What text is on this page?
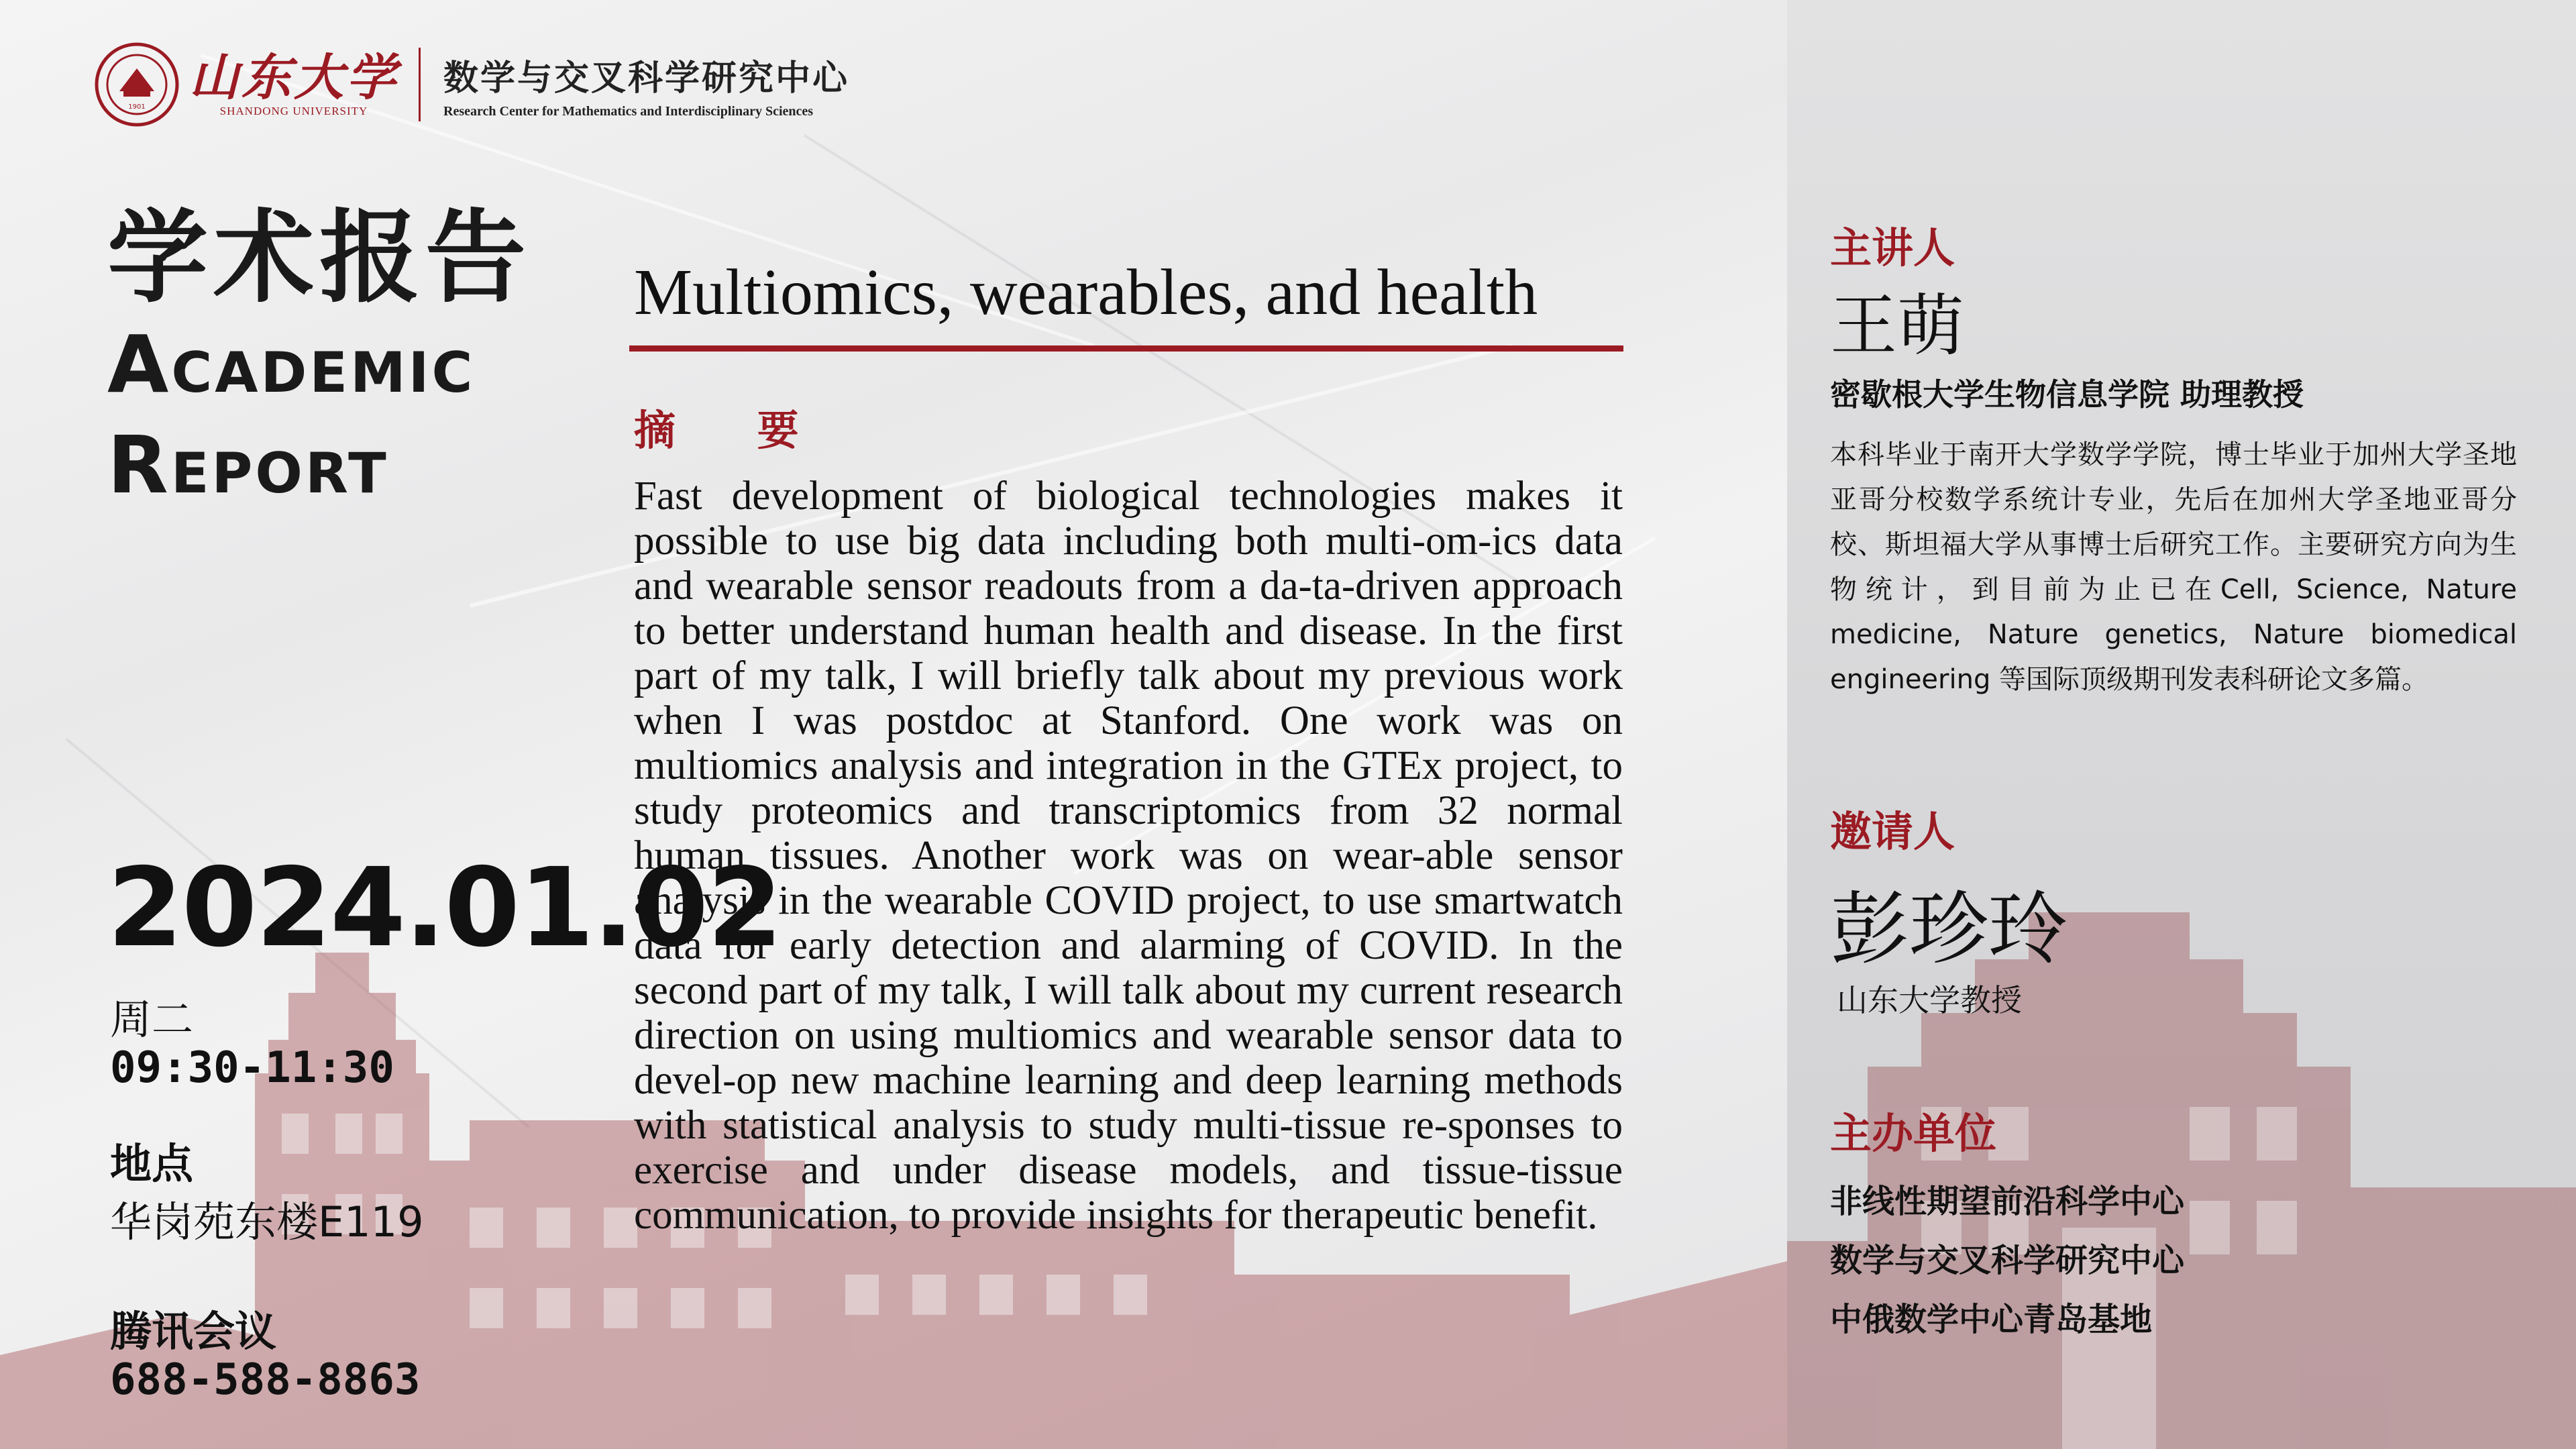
1901
山东大学
SHANDONG UNIVERSITY
数学与交叉科学研究中心
Research Center for Mathematics and Interdisciplinary Sciences
学术报告
Academic
Report
2024.01.02
周二
09:30-11:30
地点
华岗苑东楼E119
腾讯会议
688-588-8863
Multiomics, wearables, and health
摘 要
Fast development of biological technologies makes it possible to use big data including both multi-om-ics data and wearable sensor readouts from a da-ta-driven approach to better understand human health and disease. In the first part of my talk, I will briefly talk about my previous work when I was postdoc at Stanford. One work was on multiomics analysis and integration in the GTEx project, to study proteomics and transcriptomics from 32 normal human tissues. Another work was on wear-able sensor analysis in the wearable COVID project, to use smartwatch data for early detection and alarming of COVID. In the second part of my talk, I will talk about my current research direction on using multiomics and wearable sensor data to devel-op new machine learning and deep learning methods with statistical analysis to study multi-tissue re-sponses to exercise and under disease models, and tissue-tissue communication, to provide insights for therapeutic benefit.
主讲人
王萌
密歇根大学生物信息学院 助理教授
本科毕业于南开大学数学学院，博士毕业于加州大学圣地亚哥分校数学系统计专业，先后在加州大学圣地亚哥分校、斯坦福大学从事博士后研究工作。主要研究方向为生物统计，到目前为止已在Cell, Science, Nature medicine, Nature genetics, Nature biomedical engineering 等国际顶级期刊发表科研论文多篇。
邀请人
彭珍玲
山东大学教授
主办单位
非线性期望前沿科学中心
数学与交叉科学研究中心
中俄数学中心青岛基地
